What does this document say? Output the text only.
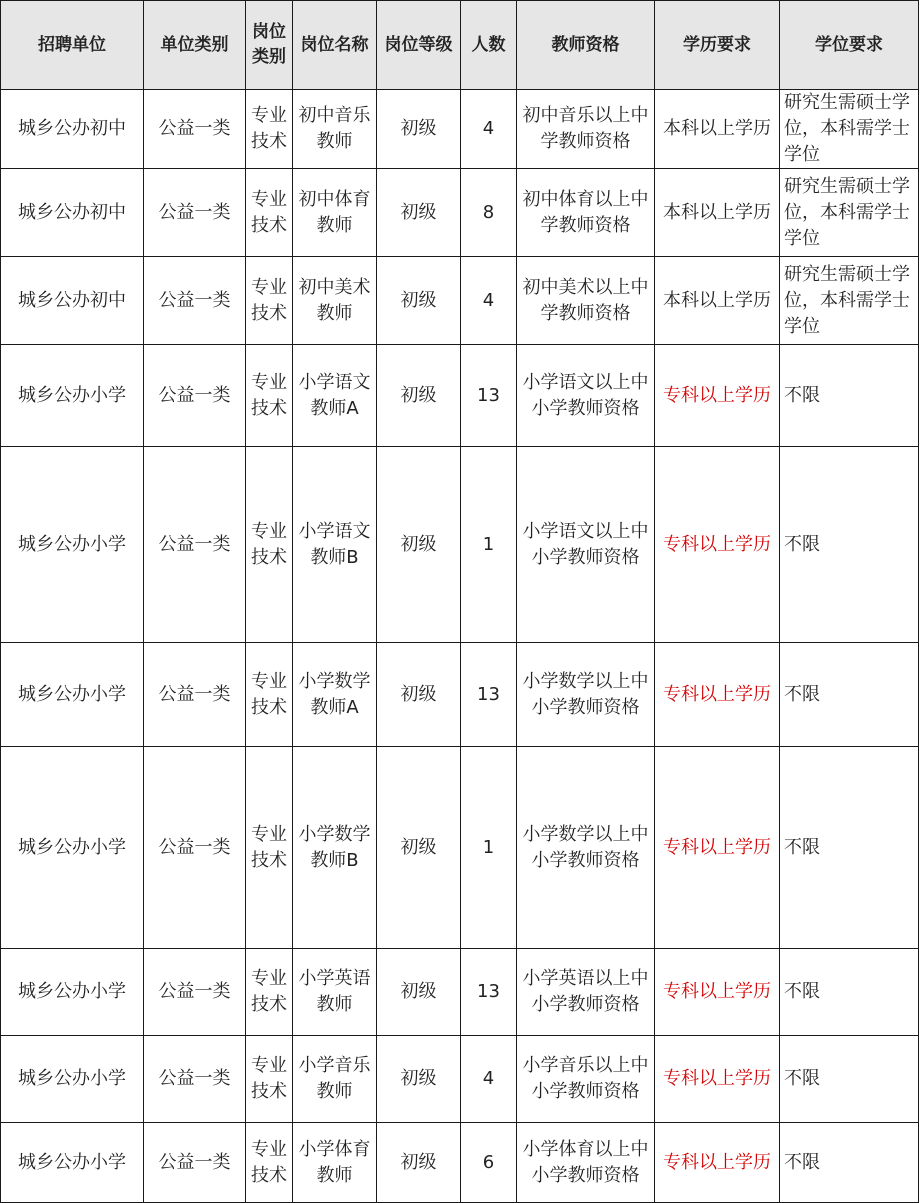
招聘单位	单位类别	岗位类别	岗位名称	岗位等级	人数	教师资格	学历要求	学位要求
城乡公办初中	公益一类	专业技术	初中音乐教师	初级	4	初中音乐以上中学教师资格	本科以上学历	研究生需硕士学位，本科需学士学位
城乡公办初中	公益一类	专业技术	初中体育教师	初级	8	初中体育以上中学教师资格	本科以上学历	研究生需硕士学位，本科需学士学位
城乡公办初中	公益一类	专业技术	初中美术教师	初级	4	初中美术以上中学教师资格	本科以上学历	研究生需硕士学位，本科需学士学位
城乡公办小学	公益一类	专业技术	小学语文教师A	初级	13	小学语文以上中小学教师资格	专科以上学历	不限
城乡公办小学	公益一类	专业技术	小学语文教师B	初级	1	小学语文以上中小学教师资格	专科以上学历	不限
城乡公办小学	公益一类	专业技术	小学数学教师A	初级	13	小学数学以上中小学教师资格	专科以上学历	不限
城乡公办小学	公益一类	专业技术	小学数学教师B	初级	1	小学数学以上中小学教师资格	专科以上学历	不限
城乡公办小学	公益一类	专业技术	小学英语教师	初级	13	小学英语以上中小学教师资格	专科以上学历	不限
城乡公办小学	公益一类	专业技术	小学音乐教师	初级	4	小学音乐以上中小学教师资格	专科以上学历	不限
城乡公办小学	公益一类	专业技术	小学体育教师	初级	6	小学体育以上中小学教师资格	专科以上学历	不限
